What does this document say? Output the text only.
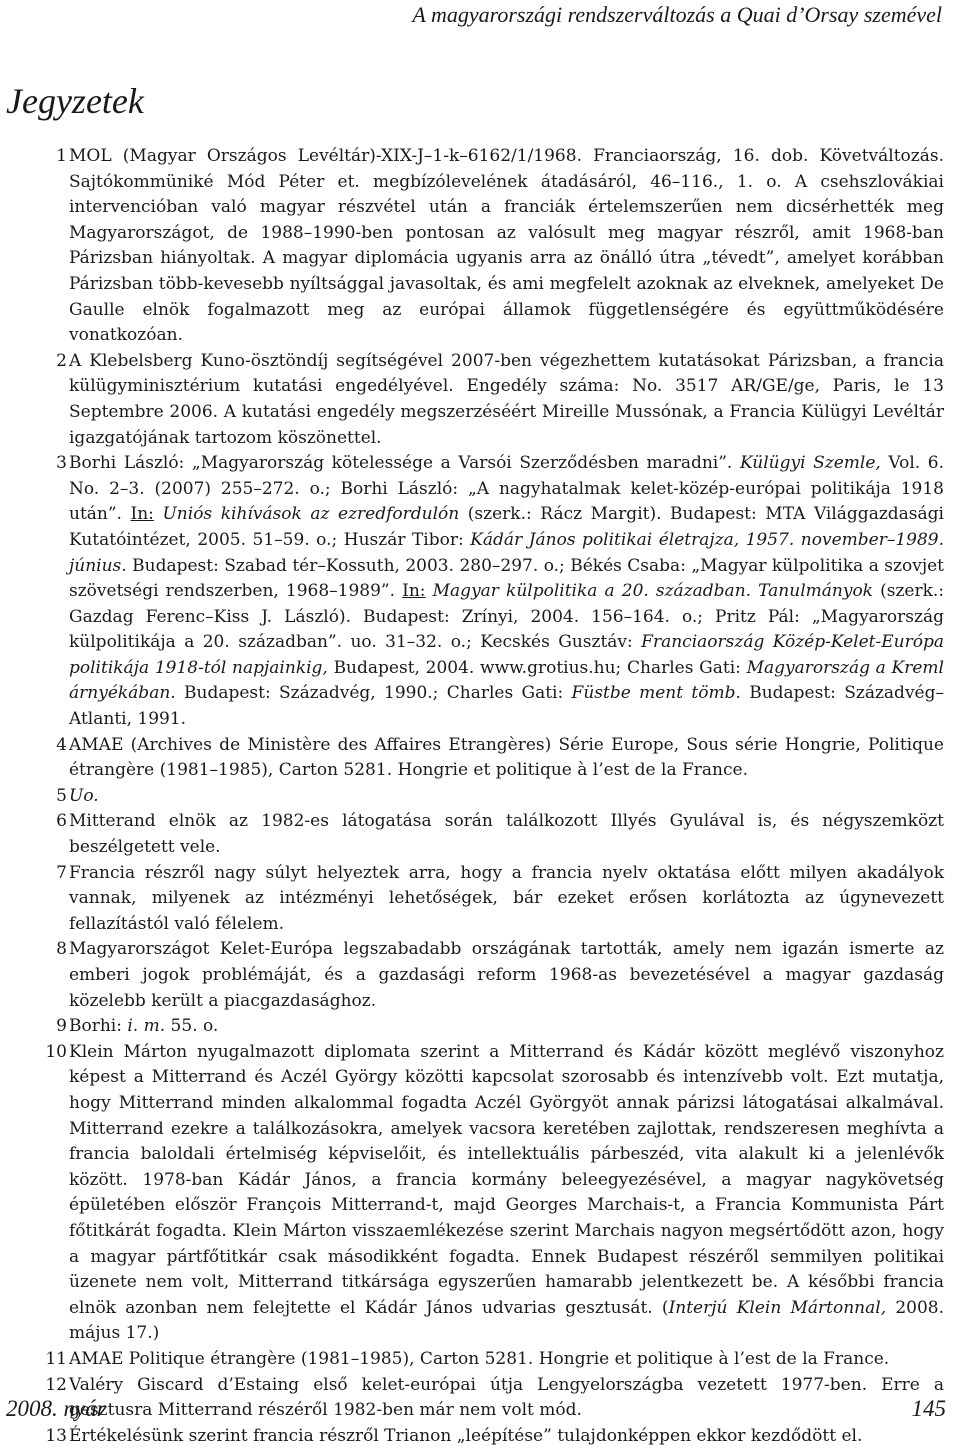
A magyarországi rendszerváltozás a Quai d’Orsay szemével
Jegyzetek
1 MOL (Magyar Országos Levéltár)-XIX-J–1-k–6162/1/1968. Franciaország, 16. dob. Követváltozás. Sajtókommüniké Mód Péter et. megbízólevelének átadásáról, 46–116., 1. o. A csehszlovákiai intervencióban való magyar részvétel után a franciák értelemszerűen nem dicsérhették meg Magyarországot, de 1988–1990-ben pontosan az valósult meg magyar részről, amit 1968-ban Párizsban hiányoltak. A magyar diplomácia ugyanis arra az önálló útra „tévedt”, amelyet korábban Párizsban több-kevesebb nyíltsággal javasoltak, és ami megfelelt azoknak az elveknek, amelyeket De Gaulle elnök fogalmazott meg az európai államok függetlenségére és együttműködésére vonatkozóan.
2 A Klebelsberg Kuno-ösztöndíj segítségével 2007-ben végezhettem kutatásokat Párizsban, a francia külügyminisztérium kutatási engedélyével. Engedély száma: No. 3517 AR/GE/ge, Paris, le 13 Septembre 2006. A kutatási engedély megszerzéséért Mireille Mussónak, a Francia Külügyi Levéltár igazgatójának tartozom köszönettel.
3 Borhi László: „Magyarország kötelessége a Varsói Szerződésben maradni”. Külügyi Szemle, Vol. 6. No. 2–3. (2007) 255–272. o.; Borhi László: „A nagyhatalmak kelet-közép-európai politikája 1918 után”. In: Uniós kihívások az ezredfordulón (szerk.: Rácz Margit). Budapest: MTA Világgazdasági Kutatóintézet, 2005. 51–59. o.; Huszár Tibor: Kádár János politikai életrajza, 1957. november–1989. június. Budapest: Szabad tér–Kossuth, 2003. 280–297. o.; Békés Csaba: „Magyar külpolitika a szovjet szövetségi rendszerben, 1968–1989”. In: Magyar külpolitika a 20. században. Tanulmányok (szerk.: Gazdag Ferenc–Kiss J. László). Budapest: Zrínyi, 2004. 156–164. o.; Pritz Pál: „Magyarország külpolitikája a 20. században”. uo. 31–32. o.; Kecskés Gusztáv: Franciaország Közép-Kelet-Európa politikája 1918-tól napjainkig, Budapest, 2004. www.grotius.hu; Charles Gati: Magyarország a Kreml árnyékában. Budapest: Századvég, 1990.; Charles Gati: Füstbe ment tömb. Budapest: Századvég–Atlanti, 1991.
4 AMAE (Archives de Ministère des Affaires Etrangères) Série Europe, Sous série Hongrie, Politique étrangère (1981–1985), Carton 5281. Hongrie et politique à l’est de la France.
5 Uo.
6 Mitterand elnök az 1982-es látogatása során találkozott Illyés Gyulával is, és négyszemközt beszélgetett vele.
7 Francia részről nagy súlyt helyeztek arra, hogy a francia nyelv oktatása előtt milyen akadályok vannak, milyenek az intézményi lehetőségek, bár ezeket erősen korlátozta az úgynevezett fellazítástól való félelem.
8 Magyarországot Kelet-Európa legszabadabb országának tartották, amely nem igazán ismerte az emberi jogok problémáját, és a gazdasági reform 1968-as bevezetésével a magyar gazdaság közelebb került a piacgazdasághoz.
9 Borhi: i. m. 55. o.
10 Klein Márton nyugalmazott diplomata szerint a Mitterrand és Kádár között meglévő viszonyhoz képest a Mitterrand és Aczél György közötti kapcsolat szorosabb és intenzívebb volt. Ezt mutatja, hogy Mitterrand minden alkalommal fogadta Aczél Györgyöt annak párizsi látogatásai alkalmával. Mitterrand ezekre a találkozásokra, amelyek vacsora keretében zajlottak, rendszeresen meghívta a francia baloldali értelmiség képviselőit, és intellektuális párbeszéd, vita alakult ki a jelenlévők között. 1978-ban Kádár János, a francia kormány beleegyezésével, a magyar nagykövetség épületében először François Mitterrand-t, majd Georges Marchais-t, a Francia Kommunista Párt főtitkárát fogadta. Klein Márton visszaemlékezése szerint Marchais nagyon megsértődött azon, hogy a magyar pártfőtitkár csak másodikként fogadta. Ennek Budapest részéről semmilyen politikai üzenete nem volt, Mitterrand titkársága egyszerűen hamarabb jelentkezett be. A későbbi francia elnök azonban nem felejtette el Kádár János udvarias gesztusát. (Interjú Klein Mártonnal, 2008. május 17.)
11 AMAE Politique étrangère (1981–1985), Carton 5281. Hongrie et politique à l’est de la France.
12 Valéry Giscard d’Estaing első kelet-európai útja Lengyelországba vezetett 1977-ben. Erre a gesztusra Mitterrand részéről 1982-ben már nem volt mód.
13 Értékelésünk szerint francia részről Trianon „leépítése” tulajdonképpen ekkor kezdődött el.
2008. nyár	145
